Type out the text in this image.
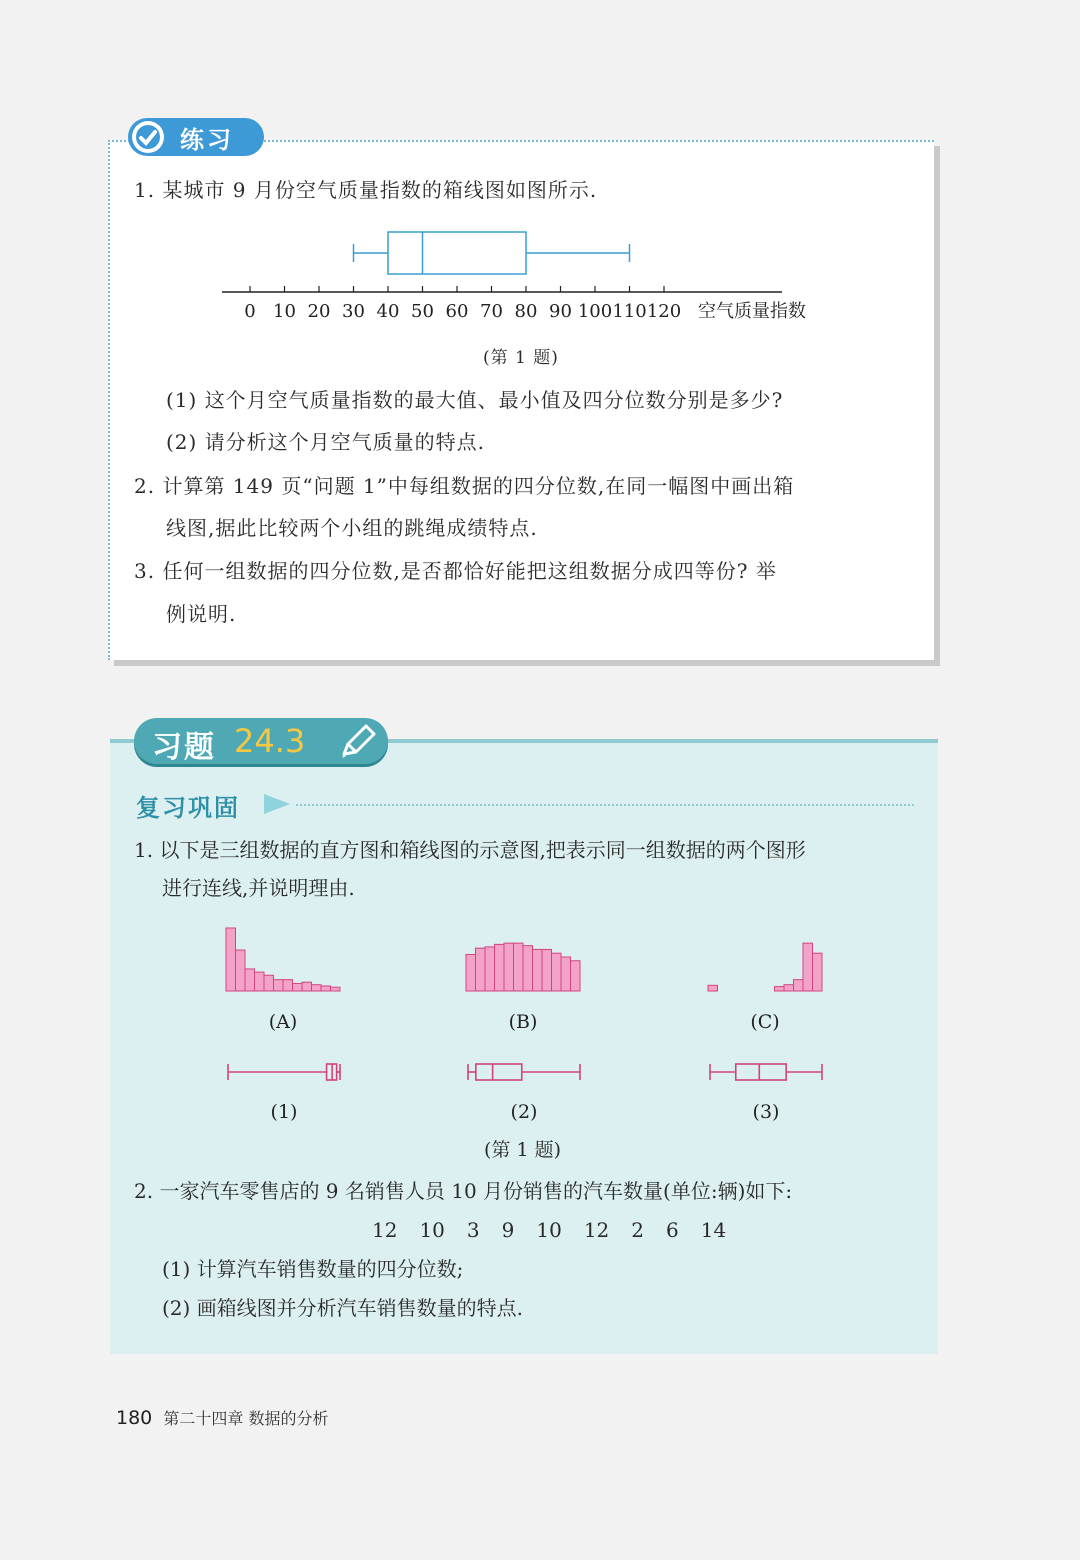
练习
1. 某城市 9 月份空气质量指数的箱线图如图所示.
0 10 20 30 40 50 60 70 80 90 100 110 120 空气质量指数
(第 1 题)
(1) 这个月空气质量指数的最大值、最小值及四分位数分别是多少?
(2) 请分析这个月空气质量的特点.
2. 计算第 149 页“问题 1”中每组数据的四分位数,在同一幅图中画出箱
线图,据此比较两个小组的跳绳成绩特点.
3. 任何一组数据的四分位数,是否都恰好能把这组数据分成四等份? 举
例说明.
习题 24.3
复习巩固
1. 以下是三组数据的直方图和箱线图的示意图,把表示同一组数据的两个图形
进行连线,并说明理由.
(A)	(B)	(C)
(1)	(2)	(3)
(第 1 题)
2. 一家汽车零售店的 9 名销售人员 10 月份销售的汽车数量(单位:辆)如下:
12 10 3 9 10 12 2 6 14
(1) 计算汽车销售数量的四分位数;
(2) 画箱线图并分析汽车销售数量的特点.
180 第二十四章 数据的分析
